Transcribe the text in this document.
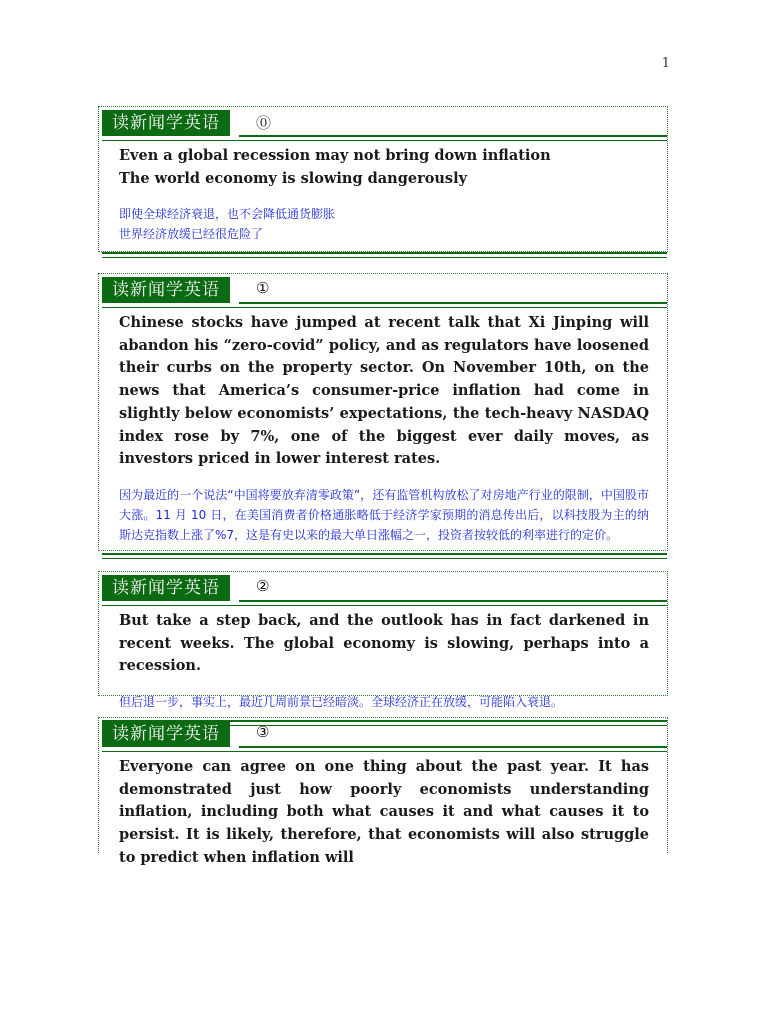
1
读新闻学英语	⓪

Even a global recession may not bring down inflation

The world economy is slowing dangerously

即使全球经济衰退，也不会降低通货膨胀

世界经济放缓已经很危险了

读新闻学英语	①

Chinese stocks have jumped at recent talk that Xi Jinping will abandon his “zero-covid” policy, and as regulators have loosened their curbs on the property sector. On November 10th, on the news that America’s consumer-price inflation had come in slightly below economists’ expectations, the tech-heavy NASDAQ index rose by 7%, one of the biggest ever daily moves, as investors priced in lower interest rates.

因为最近的一个说法“中国将要放弃清零政策”，还有监管机构放松了对房地产行业的限制，中国股市大涨。11 月 10 日，在美国消费者价格通胀略低于经济学家预期的消息传出后，以科技股为主的纳斯达克指数上涨了%7，这是有史以来的最大单日涨幅之一，投资者按较低的利率进行的定价。

读新闻学英语	②

But take a step back, and the outlook has in fact darkened in recent weeks. The global economy is slowing, perhaps into a recession.

但后退一步，事实上，最近几周前景已经暗淡。全球经济正在放缓，可能陷入衰退。

读新闻学英语	③

Everyone can agree on one thing about the past year. It has demonstrated just how poorly economists understanding inflation, including both what causes it and what causes it to persist. It is likely, therefore, that economists will also struggle to predict when inflation will
